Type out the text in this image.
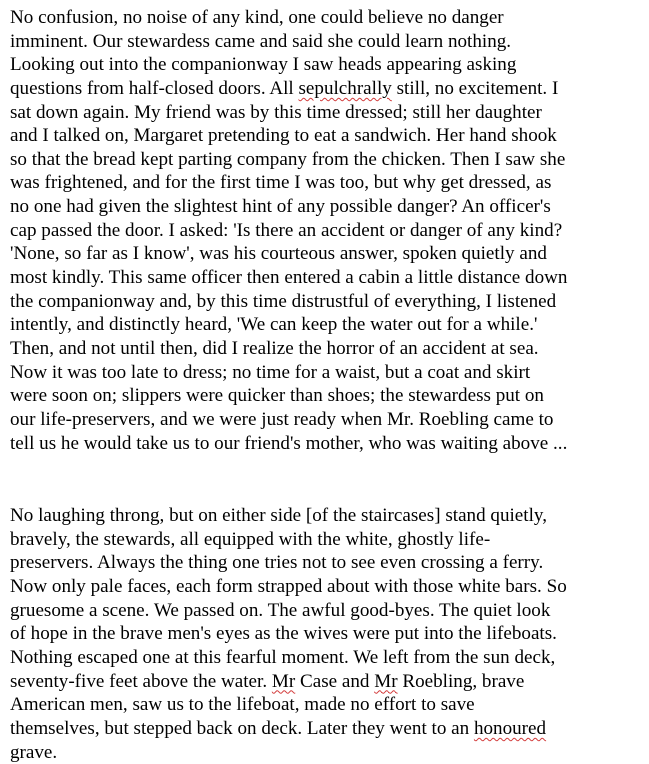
No confusion, no noise of any kind, one could believe no danger
imminent. Our stewardess came and said she could learn nothing.
Looking out into the companionway I saw heads appearing asking
questions from half-closed doors. All sepulchrally still, no excitement. I
sat down again. My friend was by this time dressed; still her daughter
and I talked on, Margaret pretending to eat a sandwich. Her hand shook
so that the bread kept parting company from the chicken. Then I saw she
was frightened, and for the first time I was too, but why get dressed, as
no one had given the slightest hint of any possible danger? An officer's
cap passed the door. I asked: 'Is there an accident or danger of any kind?
'None, so far as I know', was his courteous answer, spoken quietly and
most kindly. This same officer then entered a cabin a little distance down
the companionway and, by this time distrustful of everything, I listened
intently, and distinctly heard, 'We can keep the water out for a while.'
Then, and not until then, did I realize the horror of an accident at sea.
Now it was too late to dress; no time for a waist, but a coat and skirt
were soon on; slippers were quicker than shoes; the stewardess put on
our life-preservers, and we were just ready when Mr. Roebling came to
tell us he would take us to our friend's mother, who was waiting above ...
No laughing throng, but on either side [of the staircases] stand quietly,
bravely, the stewards, all equipped with the white, ghostly life-
preservers. Always the thing one tries not to see even crossing a ferry.
Now only pale faces, each form strapped about with those white bars. So
gruesome a scene. We passed on. The awful good-byes. The quiet look
of hope in the brave men's eyes as the wives were put into the lifeboats.
Nothing escaped one at this fearful moment. We left from the sun deck,
seventy-five feet above the water. Mr Case and Mr Roebling, brave
American men, saw us to the lifeboat, made no effort to save
themselves, but stepped back on deck. Later they went to an honoured
grave.
